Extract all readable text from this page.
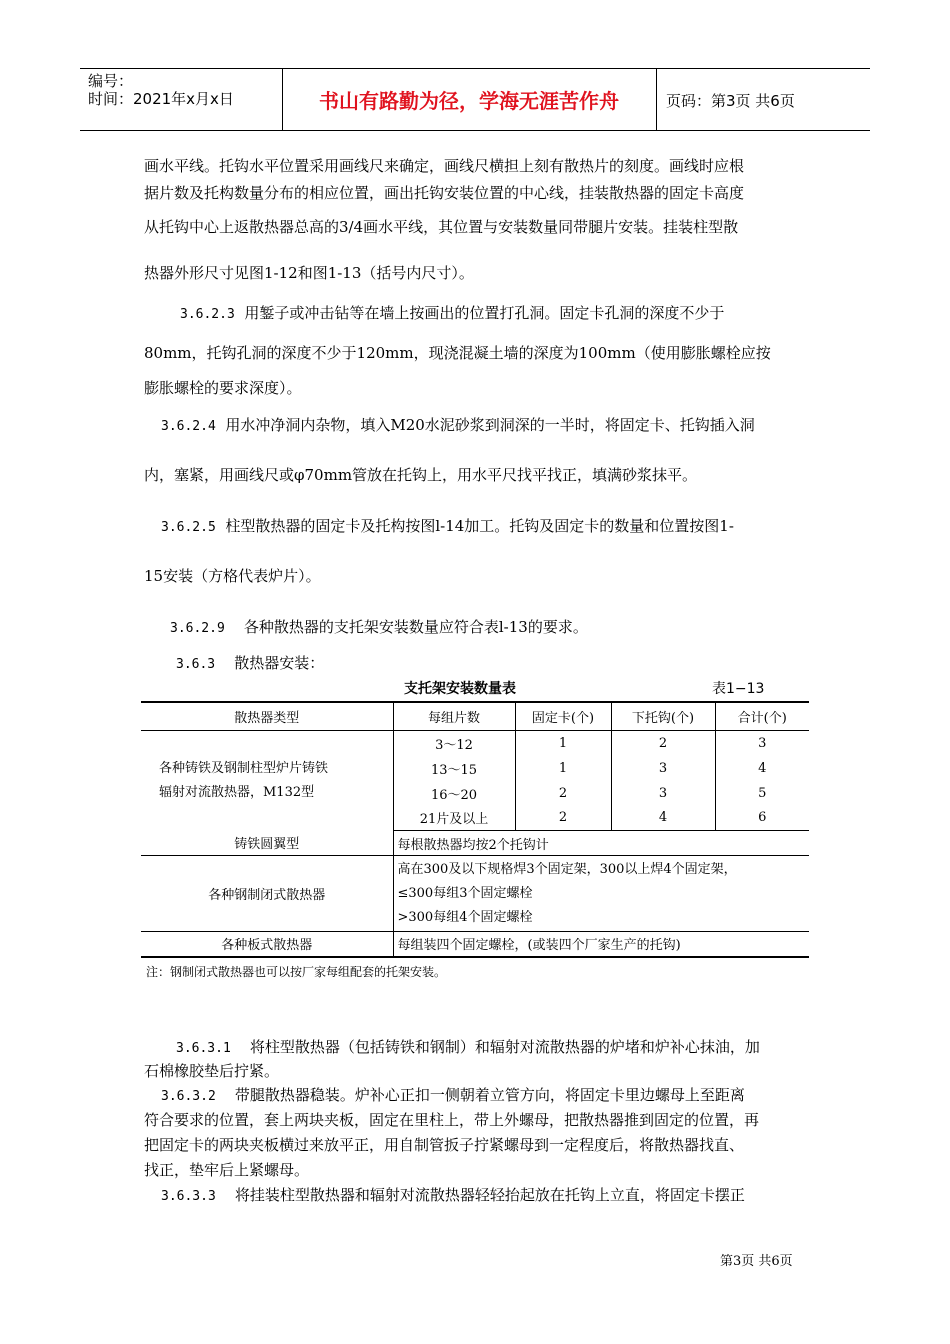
编号：
时间：2021年x月x日	书山有路勤为径，学海无涯苦作舟	页码：第3页 共6页
画水平线。托钩水平位置采用画线尺来确定，画线尺横担上刻有散热片的刻度。画线时应根
据片数及托构数量分布的相应位置，画出托钩安装位置的中心线，挂装散热器的固定卡高度
从托钩中心上返散热器总高的3/4画水平线，其位置与安装数量同带腿片安装。挂装柱型散
热器外形尺寸见图1-12和图1-13（括号内尺寸）。
3.6.2.3 用錾子或冲击钻等在墙上按画出的位置打孔洞。固定卡孔洞的深度不少于
80mm，托钩孔洞的深度不少于120mm，现浇混凝土墙的深度为100mm（使用膨胀螺栓应按
膨胀螺栓的要求深度）。
3.6.2.4 用水冲净洞内杂物，填入M20水泥砂浆到洞深的一半时，将固定卡、托钩插入洞
内，塞紧，用画线尺或φ70mm管放在托钩上，用水平尺找平找正，填满砂浆抹平。
3.6.2.5 柱型散热器的固定卡及托构按图l-14加工。托钩及固定卡的数量和位置按图1-
15安装（方格代表炉片）。
3.6.2.9 各种散热器的支托架安装数量应符合表l-13的要求。
3.6.3 散热器安装：
支托架安装数量表	表1−13
散热器类型	每组片数	固定卡(个)	下托钩(个)	合计(个)

各种铸铁及钢制柱型炉片铸铁
辐射对流散热器，M132型	3～12	1	2	3
	13～15	1	3	4
	16～20	2	3	5
	21片及以上	2	4	6
铸铁圆翼型	每根散热器均按2个托钩计			
各种钢制闭式散热器	高在300及以下规格焊3个固定架，300以上焊4个固定架，
≤300每组3个固定螺栓
>300每组4个固定螺栓			

各种板式散热器	每组装四个固定螺栓，(或装四个厂家生产的托钩)			
注：钢制闭式散热器也可以按厂家每组配套的托架安装。
3.6.3.1 将柱型散热器（包括铸铁和钢制）和辐射对流散热器的炉堵和炉补心抹油，加
石棉橡胶垫后拧紧。
3.6.3.2 带腿散热器稳装。炉补心正扣一侧朝着立管方向，将固定卡里边螺母上至距离
符合要求的位置，套上两块夹板，固定在里柱上，带上外螺母，把散热器推到固定的位置，再
把固定卡的两块夹板横过来放平正，用自制管扳子拧紧螺母到一定程度后，将散热器找直、
找正，垫牢后上紧螺母。
3.6.3.3 将挂装柱型散热器和辐射对流散热器轻轻抬起放在托钩上立直，将固定卡摆正
第3页 共6页
